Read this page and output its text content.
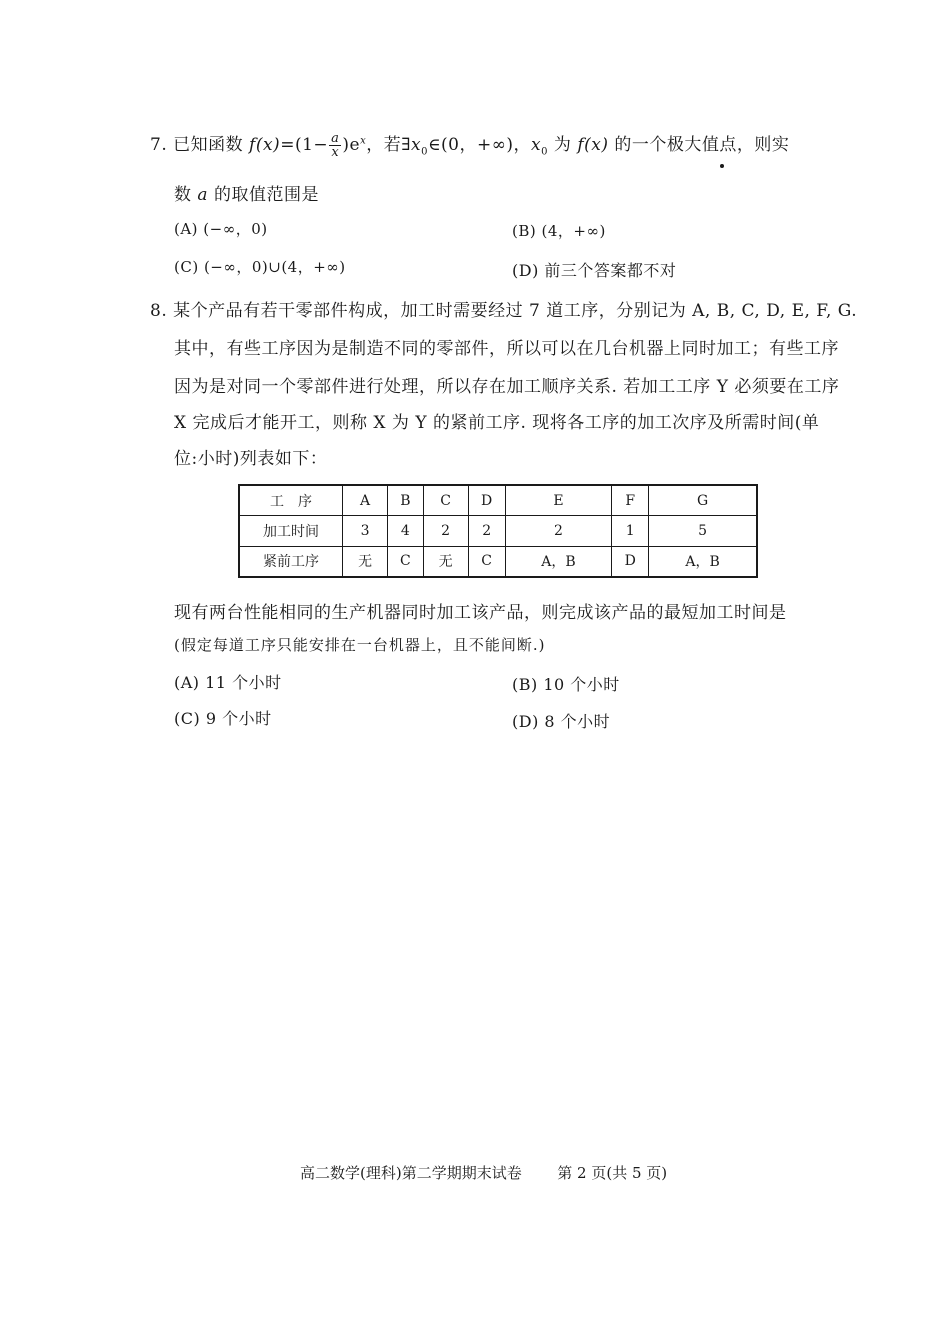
7. 已知函数 $f(x)=(1- \frac{a}{x} )e^x$，若$\exists x_0\in(0$，+∞)，$x_0$ 为 f(x) 的一个极大值点，则实
数 a 的取值范围是
(A) (−∞，0)	(B) (4，+∞)
(C) (−∞，0)∪(4，+∞)	(D) 前三个答案都不对
8. 某个产品有若干零部件构成，加工时需要经过 7 道工序，分别记为 A, B, C, D, E, F, G.
其中，有些工序因为是制造不同的零部件，所以可以在几台机器上同时加工；有些工序
因为是对同一个零部件进行处理，所以存在加工顺序关系. 若加工工序 Y 必须要在工序
X 完成后才能开工，则称 X 为 Y 的紧前工序. 现将各工序的加工次序及所需时间(单
位:小时)列表如下：
工　序	A	B	C	D	E	F	G
加工时间	3	4	2	2	2	1	5
紧前工序	无	C	无	C	A，B	D	A，B
现有两台性能相同的生产机器同时加工该产品，则完成该产品的最短加工时间是
(假定每道工序只能安排在一台机器上，且不能间断.)
(A) 11 个小时	(B) 10 个小时
(C) 9 个小时	(D) 8 个小时
高二数学(理科)第二学期期末试卷 第 2 页(共 5 页)
